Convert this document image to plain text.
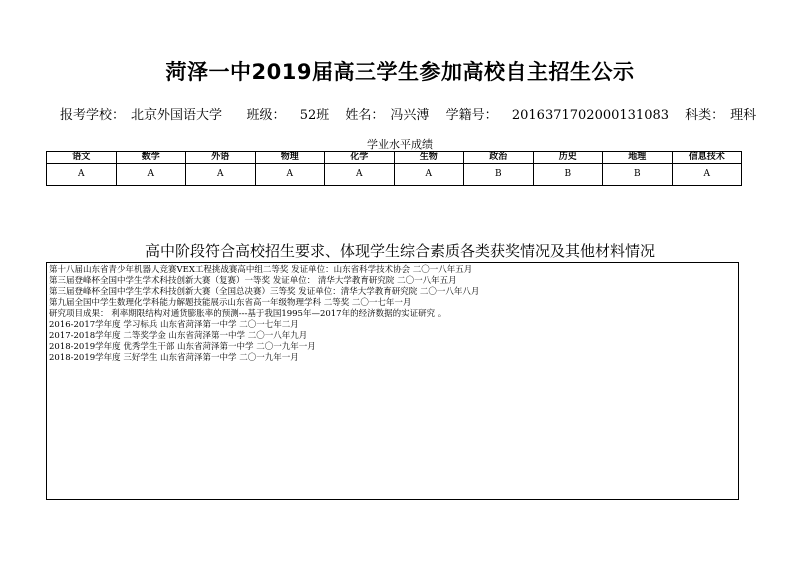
菏泽一中2019届高三学生参加高校自主招生公示
报考学校： 北京外国语大学 班级： 52班 姓名： 冯兴溥 学籍号： 2016371702000131083 科类： 理科
学业水平成绩
语文	数学	外语	物理	化学	生物	政治	历史	地理	信息技术
A	A	A	A	A	A	B	B	B	A
高中阶段符合高校招生要求、体现学生综合素质各类获奖情况及其他材料情况
第十八届山东省青少年机器人竞赛VEX工程挑战赛高中组二等奖 发证单位：山东省科学技术协会 二〇一八年五月
第三届登峰杯全国中学生学术科技创新大赛（复赛）一等奖 发证单位： 清华大学教育研究院 二〇一八年五月
第三届登峰杯全国中学生学术科技创新大赛（全国总决赛）三等奖 发证单位：清华大学教育研究院 二〇一八年八月
第九届全国中学生数理化学科能力解题技能展示山东省高一年级物理学科 二等奖 二〇一七年一月
研究项目成果： 利率期限结构对通货膨胀率的预测---基于我国1995年—2017年的经济数据的实证研究 。
2016-2017学年度 学习标兵 山东省菏泽第一中学 二〇一七年二月
2017-2018学年度 二等奖学金 山东省菏泽第一中学 二〇一八年九月
2018-2019学年度 优秀学生干部 山东省菏泽第一中学 二〇一九年一月
2018-2019学年度 三好学生 山东省菏泽第一中学 二〇一九年一月
